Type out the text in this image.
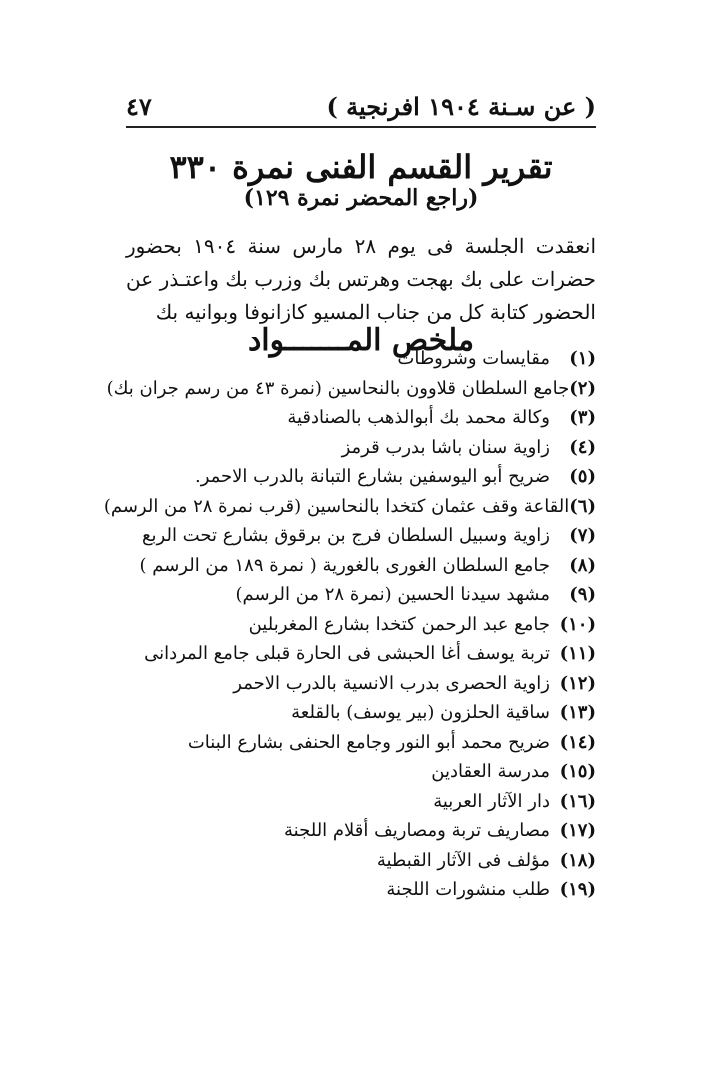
٤٧	( عن سـنة ١٩٠٤ افرنجية )
تقرير القسم الفنى نمرة ٣٣٠
(راجع المحضر نمرة ١٢٩)

انعقدت الجلسة فى يوم ٢٨ مارس سنة ١٩٠٤ بحضور حضرات على بك بهجت وهرتس بك وزرب بك واعتـذر عن الحضور كتابة كل من جناب المسيو كازانوفا وبوانيه بك

ملخص المـــــــواد
(١)
مقايسات وشروطات
(٢)
جامع السلطان قلاوون بالنحاسين (نمرة ٤٣ من رسم جران بك)
(٣)
وكالة محمد بك أبوالذهب بالصنادقية
(٤)
زاوية سنان باشا بدرب قرمز
(٥)
ضريح أبو اليوسفين بشارع التبانة بالدرب الاحمر.
(٦)
القاعة وقف عثمان كتخدا بالنحاسين (قرب نمرة ٢٨ من الرسم)
(٧)
زاوية وسبيل السلطان فرج بن برقوق بشارع تحت الربع
(٨)
جامع السلطان الغورى بالغورية ( نمرة ١٨٩ من الرسم )
(٩)
مشهد سيدنا الحسين (نمرة ٢٨ من الرسم)
(١٠)
جامع عبد الرحمن كتخدا بشارع المغربلين
(١١)
تربة يوسف أغا الحبشى فى الحارة قبلى جامع المردانى
(١٢)
زاوية الحصرى بدرب الانسية بالدرب الاحمر
(١٣)
ساقية الحلزون (بير يوسف) بالقلعة
(١٤)
ضريح محمد أبو النور وجامع الحنفى بشارع البنات
(١٥)
مدرسة العقادين
(١٦)
دار الآثار العربية
(١٧)
مصاريف تربة ومصاريف أقلام اللجنة
(١٨)
مؤلف فى الآثار القبطية
(١٩)
طلب منشورات اللجنة
